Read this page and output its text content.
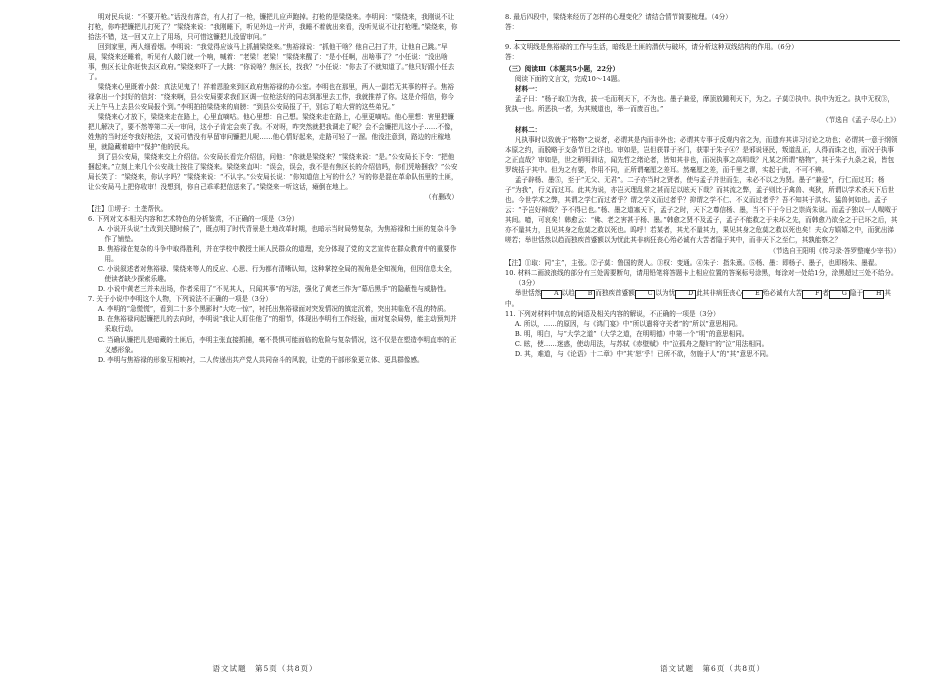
明对民兵说：“不要开枪。”话没有落音，有人打了一枪，镰把儿应声跑掉。打枪的是梁绕来。李明问：“梁绕来，我刚说不让打枪，你咋把镰把儿打死了？”梁绕来说：“我刚睡下，听见外边一片声，我睡不着就出来看，没听见说不让打枪哩。”梁绕来，你拾法不错，这一回又立上了用场，只可惜这镰把儿没留审问。”

回到家里，两人细看烟。李明说：“我觉得应该马上抓捕梁绕来。”焦裕禄说：“抓他干啥？他自己扫了井，让他自己跳。”早晨，梁绕来还睡着，听见有人敲门就一个响，喊着：“老梁！老梁！”梁绕来醒了：“是小任啊，出啥事了？”小任说：“没出啥事，焦区长让你赶快去区政府。”梁绕来吓了一大跳：“你说啥？焦区长，找我？”小任说：“你去了不就知道了。”他只好跟小任去了。

梁绕来心里既着小鼓：真法见鬼了！祥着恩脸来到区政府焦裕禄的办公室。李明也在那里，两人一副若无其事的样子。焦裕禄拿出一个封好的信封：“绕来啊，县公安局要求我们区调一位枪法好的同志到那里去工作，我就推荐了你。这是介绍信，你今天上午马上去县公安局报个到。”李明拍拍梁绕来的肩膀：“到县公安局报了干，别忘了咱大营的这些弟兄。”

梁绕来心才放下，梁绕来走在路上，心里直嘀咕。他心里想：自己想。梁绕来走在路上，心里更嘀咕。他心里想：害里把镰把儿解决了，要不然等第二天一审问，这小子肯定会卖了我。不对呀，咋突然就把我调走了呢？会不会镰把儿这小子……不像，姓焦的当时还夸我好枪法，又说可惜没有早留审问镰把儿呢……他心情好起来，走路可轻了一溜。他没注意到，路边的庄稼地里，就隐藏着暗中“保护”他的民兵。

到了县公安局，梁绕来交上介绍信。公安局长看完介绍信，问他：“你就是梁绕来？”梁绕来说：“是。”公安局长下令：“把他捆起来。”立刻上来几个公安战士按住了梁绕来。梁绕来直叫：“误会，误会，我不是有焦区长的介绍信吗，你们凭啥捆我？”公安局长笑了：“梁绕来，你认字吗？”梁绕来说：“不认字。”公安局长说：“你知道信上写的什么？写的你是混在革命队伍里的土匪，让公安局马上把你收审！没想到，你自己乖乖把信送来了。”梁绕来一听这话，瘫倒在地上。

（有删改）

【注】①塄子：土垄帮伙。

6. 下列对文本相关内容和艺术特色的分析鉴赏，不正确的一项是（3分）

A. 小说开头说“土改到关键时候了”，既点明了时代背景是土地改革时期，也暗示当时局势复杂，为焦裕禄和土匪的复杂斗争作了铺垫。

B. 焦裕禄在复杂的斗争中取得胜利，并在学校中教授土匪人民群众的道理，充分体现了党的文艺宣传在群众教育中的重要作用。

C. 小说叙述者对焦裕禄、梁绕来等人的反应、心思、行为都有清晰认知，这种掌控全局的视角是全知视角，但因信息太全，使读者缺少探索乐趣。

D. 小说中黄老三并未出场，作者采用了“不见其人，只闻其事”的写法，强化了黄老三作为“幕后黑手”的隐蔽性与威胁性。

7. 关于小说中李明这个人物，下列说法不正确的一项是（3分）

A. 李明的“急慌慌”，看到二十多个黑影时“大吃一惊”，衬托出焦裕禄面对突发情况的镇定沉着，突出其临危不乱的特质。

B. 在焦裕禄问起镰把儿的去向时，李明说“我让人盯住他了”的细节，体现出李明有工作经验，面对复杂局势，能主动预判并采取行动。

C. 当确认镰把儿是暗藏的土匪后，李明主张直接抓捕，毫不畏惧可能面临的危险与复杂情况，这不仅是在塑造李明直率的正义感形象。

D. 李明与焦裕禄的形象互相映衬，二人传递出共产党人共同奋斗的风貌，让党的干部形象更立体、更具群像感。

语文试题　第5页（共8页）

8. 最后四段中，梁绕来经历了怎样的心理变化？请结合情节简要梳理。（4分）

答：

9. 本文明线是焦裕禄的工作与生活，暗线是土匪的潜伏与破坏，请分析这种双线结构的作用。（6分）

答：

（三）阅读Ⅲ（本题共5小题，22分）

阅读下面的文言文，完成10～14题。

材料一：

孟子曰：“杨子取①为我，拔一毛而利天下，不为也。墨子兼爱，摩顶放踵利天下，为之。子莫②执中。执中为近之。执中无权③，犹执一也。所恶执一者，为其贼道也，举一而废百也。”

（节选自《孟子·尽心上》）

材料二：

凡执事时以致就于“格物”之说者，必谓其是内而非外也；必谓其专事于反观内省之为，而遗弃其讲习讨论之功也；必谓其一意于纲领本原之约，而脱略于支条节目之详也。审如是，岂但获罪于圣门，获罪于朱子④？是邪说诬民，叛道乱正，人得而诛之也，而况于执事之正直哉？审如是，世之稍明训诂，闻先哲之绪论者，皆知其非也，而况执事之高明哉？凡某之所谓“格物”，其于朱子九条之说，皆包罗统括于其中。但为之有要，作用不同，正所谓毫厘之差耳。然毫厘之差，而千里之谬，实起于此，不可不辨。

孟子辟杨、墨⑤，至于“无父、无君”。二子亦当时之贤者，使与孟子并世而生，未必不以之为贤。墨子“兼爱”，行仁而过耳；杨子“为我”，行义而过耳。此其为说，亦岂灭理乱常之甚而足以眩天下哉？而其流之弊，孟子则比于禽兽、夷狄，所谓以学术杀天下后世也。今世学术之弊，其谓之学仁而过者乎？谓之学义而过者乎？抑谓之学不仁、不义而过者乎？吾不知其于洪水、猛兽何如也。孟子云：“予岂好辩哉？予不得已也。”杨、墨之道塞天下，孟子之时，天下之尊信杨、墨，当不下于今日之崇尚朱说。而孟子独以一人呶呶于其间。噫，可哀矣！韩愈云：“佛、老之害甚于杨、墨。”韩愈之贤不及孟子，孟子不能救之于未坏之先，而韩愈乃欲全之于已坏之后，其亦不量其力，且见其身之危莫之救以死也。呜呼！若某者，其尤不量其力，果见其身之危莫之救以死也矣！夫众方嬉嬉之中，而犹出涕嗟若；举世恬然以趋而独疾首蹙额以为忧此其非病狂丧心殆必诚有大苦者隐于其中，而非天下之至仁，其孰能察之？

（节选自王阳明《传习录·答罗整庵少宰书》）

【注】①取：同“主”，主张。②子莫：鲁国的贤人。③权：变通。④朱子：指朱熹。⑤杨、墨：即杨子、墨子，也即杨朱、墨翟。

10. 材料二画波浪线的部分有三处需要断句，请用铅笔将答题卡上相应位置的答案标号涂黑，每涂对一处给1分，涂黑超过三处不给分。（3分）

举世恬然 A 以趋 B 而独疾首蹙额 C 以为忧 D 此其非病狂丧心 E 殆必诚有大苦 F 者 G 隐于 H 其中。

11. 下列对材料中加点的词语及相关内容的解说，不正确的一项是（3分）

A. 所以，……的原因，与《鸿门宴》中“所以遣将守关者”的“所以”意思相同。

B. 明，明白，与“大学之道”（大学之道，在明明德）中第一个“明”的意思相同。

C. 眩，使……迷惑，使动用法，与苏轼《赤壁赋》中“泣孤舟之嫠妇”的“泣”用法相同。

D. 其，难道，与《论语》十二章》中“其‘恕’乎！已所不欲，勿施于人”的“其”意思不同。

语文试题　第6页（共8页）
